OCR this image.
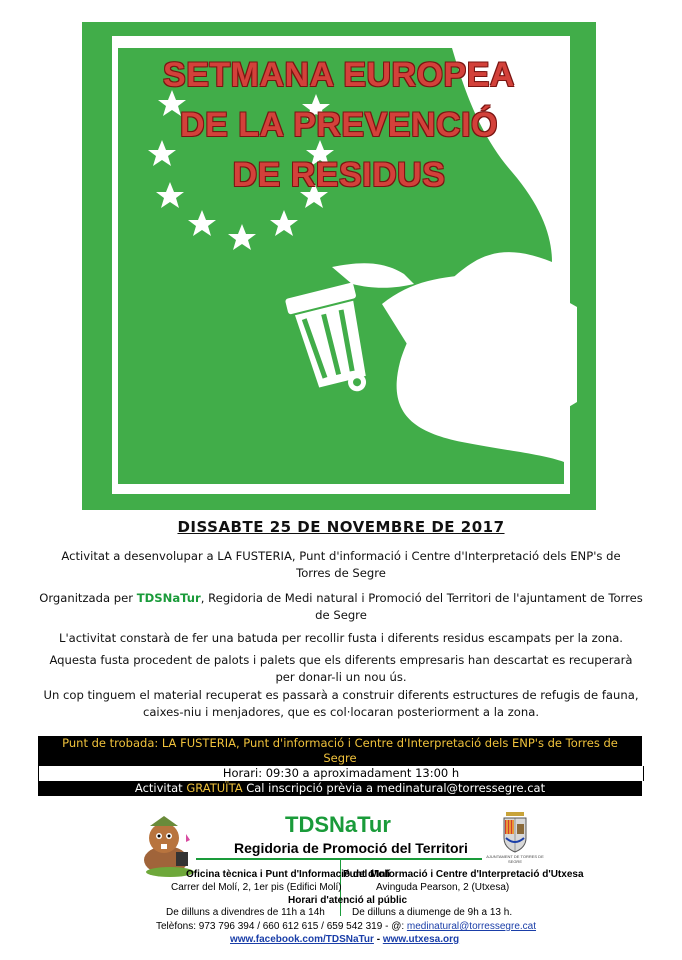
SETMANA EUROPEA
DE LA PREVENCIÓ
DE RESIDUS
DISSABTE 25 DE NOVEMBRE DE 2017
Activitat a desenvolupar a LA FUSTERIA, Punt d'informació i Centre d'Interpretació dels ENP's de
Torres de Segre
Organitzada per TDSNaTur, Regidoria de Medi natural i Promoció del Territori de l'ajuntament de Torres
de Segre
L'activitat constarà de fer una batuda per recollir fusta i diferents residus escampats per la zona.
Aquesta fusta procedent de palots i palets que els diferents empresaris han descartat es recuperarà
per donar-li un nou ús.
Un cop tinguem el material recuperat es passarà a construir diferents estructures de refugis de fauna,
caixes-niu i menjadores, que es col·locaran posteriorment a la zona.
Punt de trobada: LA FUSTERIA, Punt d'informació i Centre d'Interpretació dels ENP's de Torres de
Segre
Horari: 09:30 a aproximadament 13:00 h
Activitat GRATUÏTA Cal inscripció prèvia a medinatural@torressegre.cat
TDSNaTur
Regidoria de Promoció del Territori
AJUNTAMENT DE TORRES DE SEGRE
Oficina tècnica i Punt d'Informació del Molí
Carrer del Molí, 2, 1er pis (Edifici Molí)
Punt d'Informació i Centre d'Interpretació d'Utxesa
Avinguda Pearson, 2 (Utxesa)
Horari d'atenció al públic
De dilluns a divendres de 11h a 14h	De dilluns a diumenge de 9h a 13 h.
Telèfons: 973 796 394 / 660 612 615 / 659 542 319 - @: medinatural@torressegre.cat
www.facebook.com/TDSNaTur - www.utxesa.org
